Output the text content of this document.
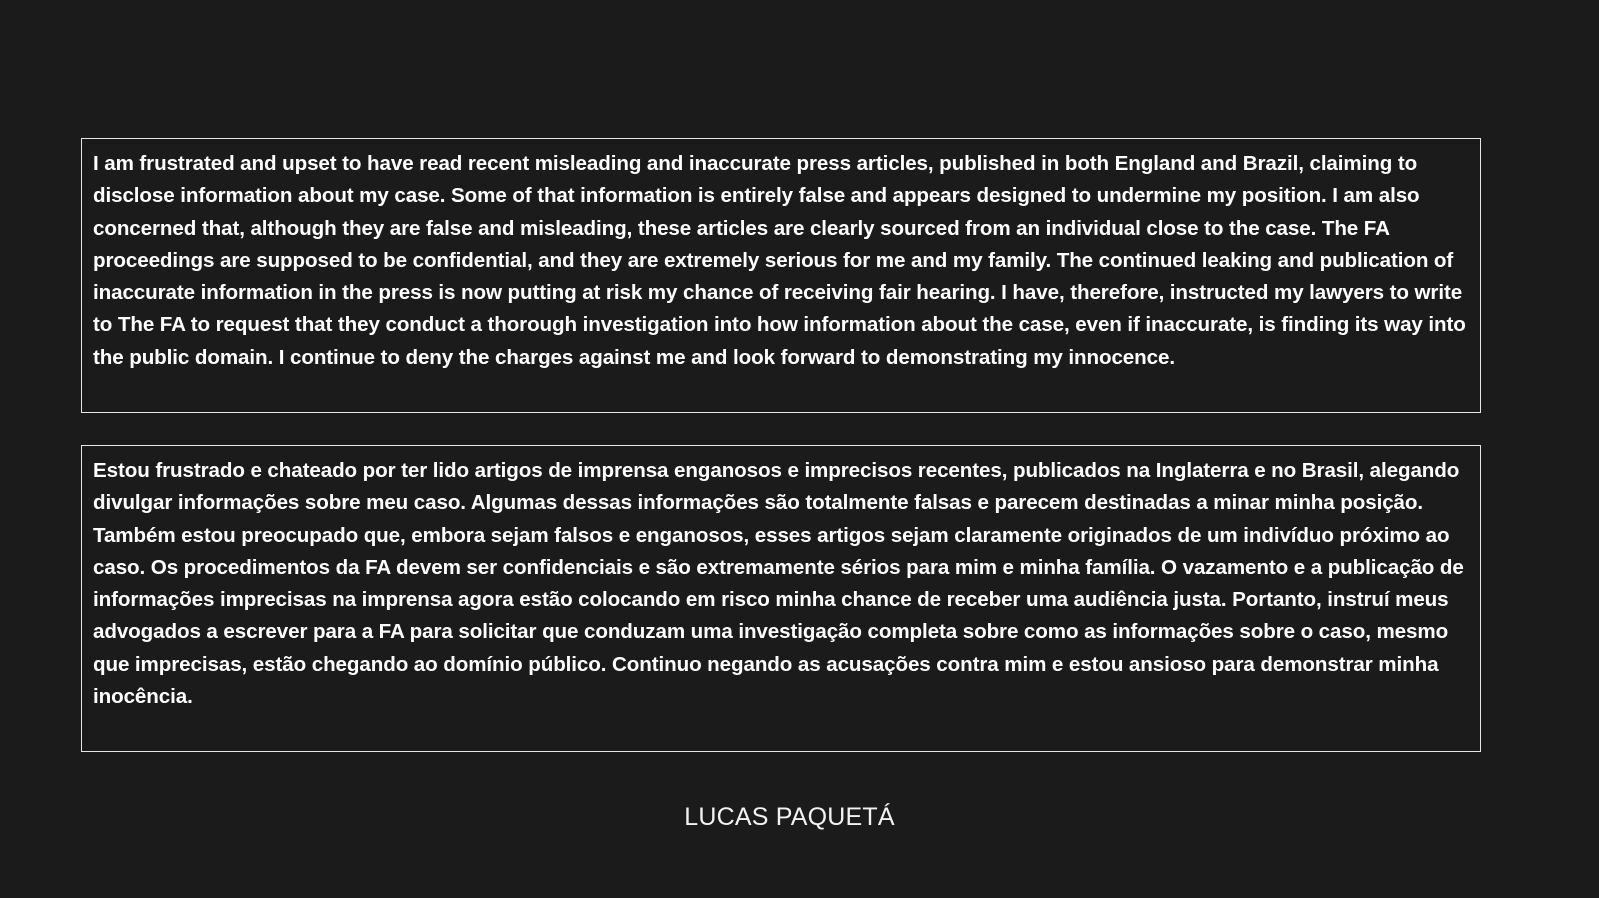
I am frustrated and upset to have read recent misleading and inaccurate press articles, published in both England and Brazil, claiming to disclose information about my case. Some of that information is entirely false and appears designed to undermine my position. I am also concerned that, although they are false and misleading, these articles are clearly sourced from an individual close to the case. The FA proceedings are supposed to be confidential, and they are extremely serious for me and my family. The continued leaking and publication of inaccurate information in the press is now putting at risk my chance of receiving fair hearing. I have, therefore, instructed my lawyers to write to The FA to request that they conduct a thorough investigation into how information about the case, even if inaccurate, is finding its way into the public domain. I continue to deny the charges against me and look forward to demonstrating my innocence.
Estou frustrado e chateado por ter lido artigos de imprensa enganosos e imprecisos recentes, publicados na Inglaterra e no Brasil, alegando divulgar informações sobre meu caso. Algumas dessas informações são totalmente falsas e parecem destinadas a minar minha posição. Também estou preocupado que, embora sejam falsos e enganosos, esses artigos sejam claramente originados de um indivíduo próximo ao caso. Os procedimentos da FA devem ser confidenciais e são extremamente sérios para mim e minha família. O vazamento e a publicação de informações imprecisas na imprensa agora estão colocando em risco minha chance de receber uma audiência justa. Portanto, instruí meus advogados a escrever para a FA para solicitar que conduzam uma investigação completa sobre como as informações sobre o caso, mesmo que imprecisas, estão chegando ao domínio público. Continuo negando as acusações contra mim e estou ansioso para demonstrar minha inocência.
LUCAS PAQUETÁ
